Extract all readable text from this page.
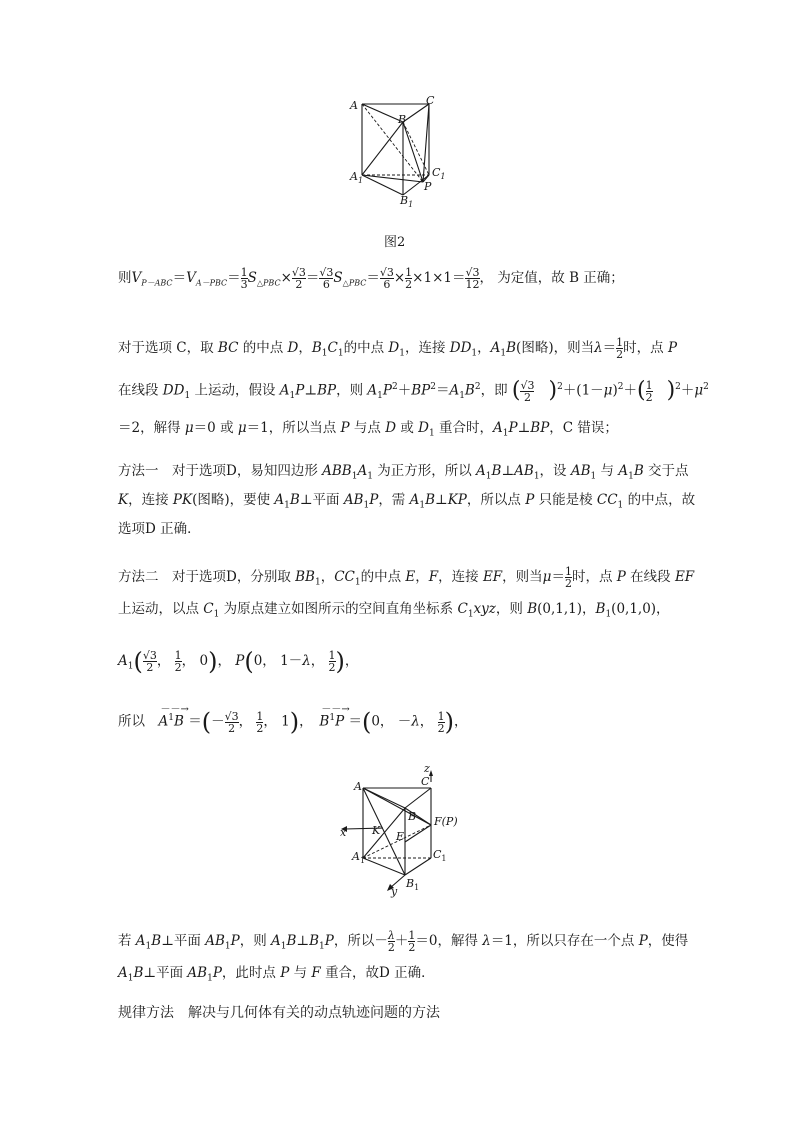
A	C
B
$A_1$
$C_1$
P
$B_1$
图2
则$V_{P-ABC}=V_{A-PBC}= 1$
$3S_{\triangle PBC}\times √3$
2 ＝ √3
6 $S_{\triangle PBC}= √3$
6 × 1
2×1×1＝ √3
12， 为定值，故 B 正确；
对于选项 C，取 BC 的中点 D，$B_1C_1$的中点 $D_1$，连接 $DD_1$，$A_1B$(图略)，则当λ＝ 1
2时，点 P
在线段 $DD_1$ 上运动，假设 $A_1P\perp BP$，则 $A_1P^2+BP^2=A_1B^2$，即 ( √3
2 )$^2+(1-\mu)^2+$( 1
2 )$^2+\mu^2$
＝2，解得 μ＝0 或 μ＝1，所以当点 P 与点 D 或 $D_1$ 重合时，$A_1P\perp BP$，C 错误；
方法一　 对于选项D，易知四边形 $ABB_1A_1$ 为正方形，所以 $A_1B\perp AB_1$，设 $AB_1$ 与 $A_1B$ 交于点
K，连接 PK(图略)，要使 $A_1B\perp$平面 $AB_1P$，需 $A_1B\perp KP$，所以点 P 只能是棱 $CC_1$ 的中点，故
选项D 正确．
方法二　 对于选项D，分别取 $BB_1$，$CC_1$的中点 E，F，连接 EF，则当μ＝ 1
2时，点 P 在线段 EF
上运动，以点 $C_1$ 为原点建立如图所示的空间直角坐标系 $C_1xyz$，则 B(0,1,1)，$B_1(0,1,0)$，
$A_1$( √3
2 ， 1
2， 0)， P(0， 1－λ， 1
2)，
所以　
－－→
$A^1B$ ＝(－ √3
2 ， 1
2， 1)，　
－－→
$B^1P =(0$， －λ， 1
2)，
z
C
A
B F(P)
x K E
$A_1$	$C_1$
$B_1$
y
若 $A_1B\perp$平面 $AB_1P$，则 $A_1B\perp B_1P$，所以－ λ
2＋ 1
2＝0，解得 λ＝1，所以只存在一个点 P，使得
$A_1B\perp$平面 $AB_1P$，此时点 P 与 F 重合，故D 正确．
规律方法　解决与几何体有关的动点轨迹问题的方法
